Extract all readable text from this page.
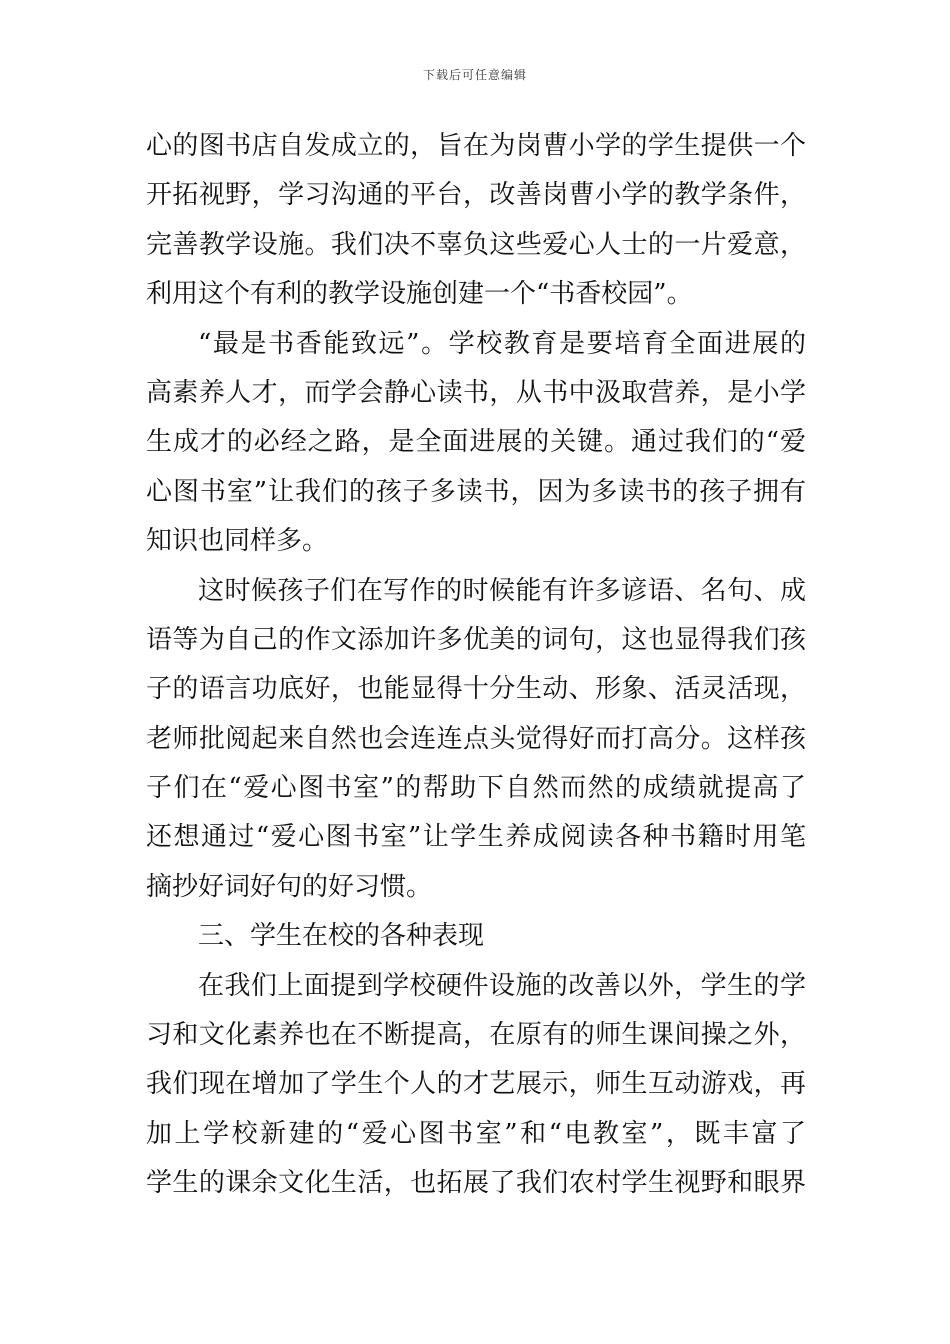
下载后可任意编辑
心的图书店自发成立的，旨在为岗曹小学的学生提供一个
开拓视野，学习沟通的平台，改善岗曹小学的教学条件，
完善教学设施。我们决不辜负这些爱心人士的一片爱意，
利用这个有利的教学设施创建一个“书香校园”。
“最是书香能致远”。学校教育是要培育全面进展的
高素养人才，而学会静心读书，从书中汲取营养，是小学
生成才的必经之路，是全面进展的关键。通过我们的“爱
心图书室”让我们的孩子多读书，因为多读书的孩子拥有
知识也同样多。
这时候孩子们在写作的时候能有许多谚语、名句、成
语等为自己的作文添加许多优美的词句，这也显得我们孩
子的语言功底好，也能显得十分生动、形象、活灵活现，
老师批阅起来自然也会连连点头觉得好而打高分。这样孩
子们在“爱心图书室”的帮助下自然而然的成绩就提高了
还想通过“爱心图书室”让学生养成阅读各种书籍时用笔
摘抄好词好句的好习惯。
三、学生在校的各种表现
在我们上面提到学校硬件设施的改善以外，学生的学
习和文化素养也在不断提高，在原有的师生课间操之外，
我们现在增加了学生个人的才艺展示，师生互动游戏，再
加上学校新建的“爱心图书室”和“电教室”，既丰富了
学生的课余文化生活，也拓展了我们农村学生视野和眼界
